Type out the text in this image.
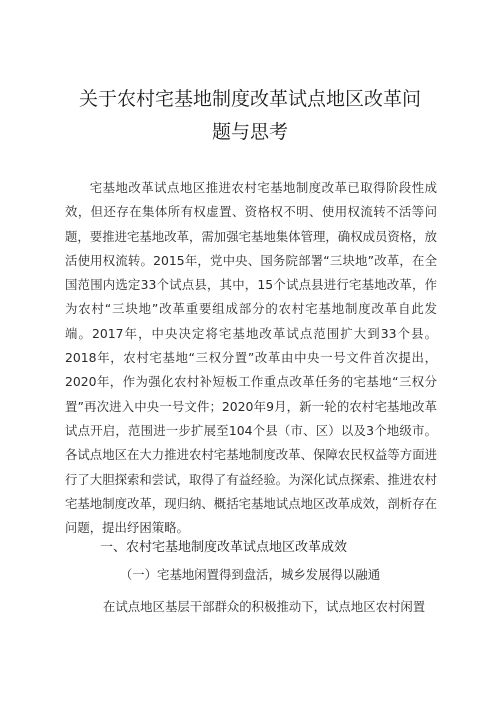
关于农村宅基地制度改革试点地区改革问
题与思考
宅基地改革试点地区推进农村宅基地制度改革已取得阶段性成效，但还存在集体所有权虚置、资格权不明、使用权流转不活等问题，要推进宅基地改革，需加强宅基地集体管理，确权成员资格，放活使用权流转。2015年，党中央、国务院部署“三块地”改革，在全国范围内选定33个试点县，其中，15个试点县进行宅基地改革，作为农村“三块地”改革重要组成部分的农村宅基地制度改革自此发端。2017年，中央决定将宅基地改革试点范围扩大到33个县。2018年，农村宅基地“三权分置”改革由中央一号文件首次提出，2020年，作为强化农村补短板工作重点改革任务的宅基地“三权分置”再次进入中央一号文件；2020年9月，新一轮的农村宅基地改革试点开启，范围进一步扩展至104个县（市、区）以及3个地级市。各试点地区在大力推进农村宅基地制度改革、保障农民权益等方面进行了大胆探索和尝试，取得了有益经验。为深化试点探索、推进农村宅基地制度改革，现归纳、概括宅基地试点地区改革成效，剖析存在问题，提出纾困策略。
一、农村宅基地制度改革试点地区改革成效
（一）宅基地闲置得到盘活，城乡发展得以融通
在试点地区基层干部群众的积极推动下，试点地区农村闲置
